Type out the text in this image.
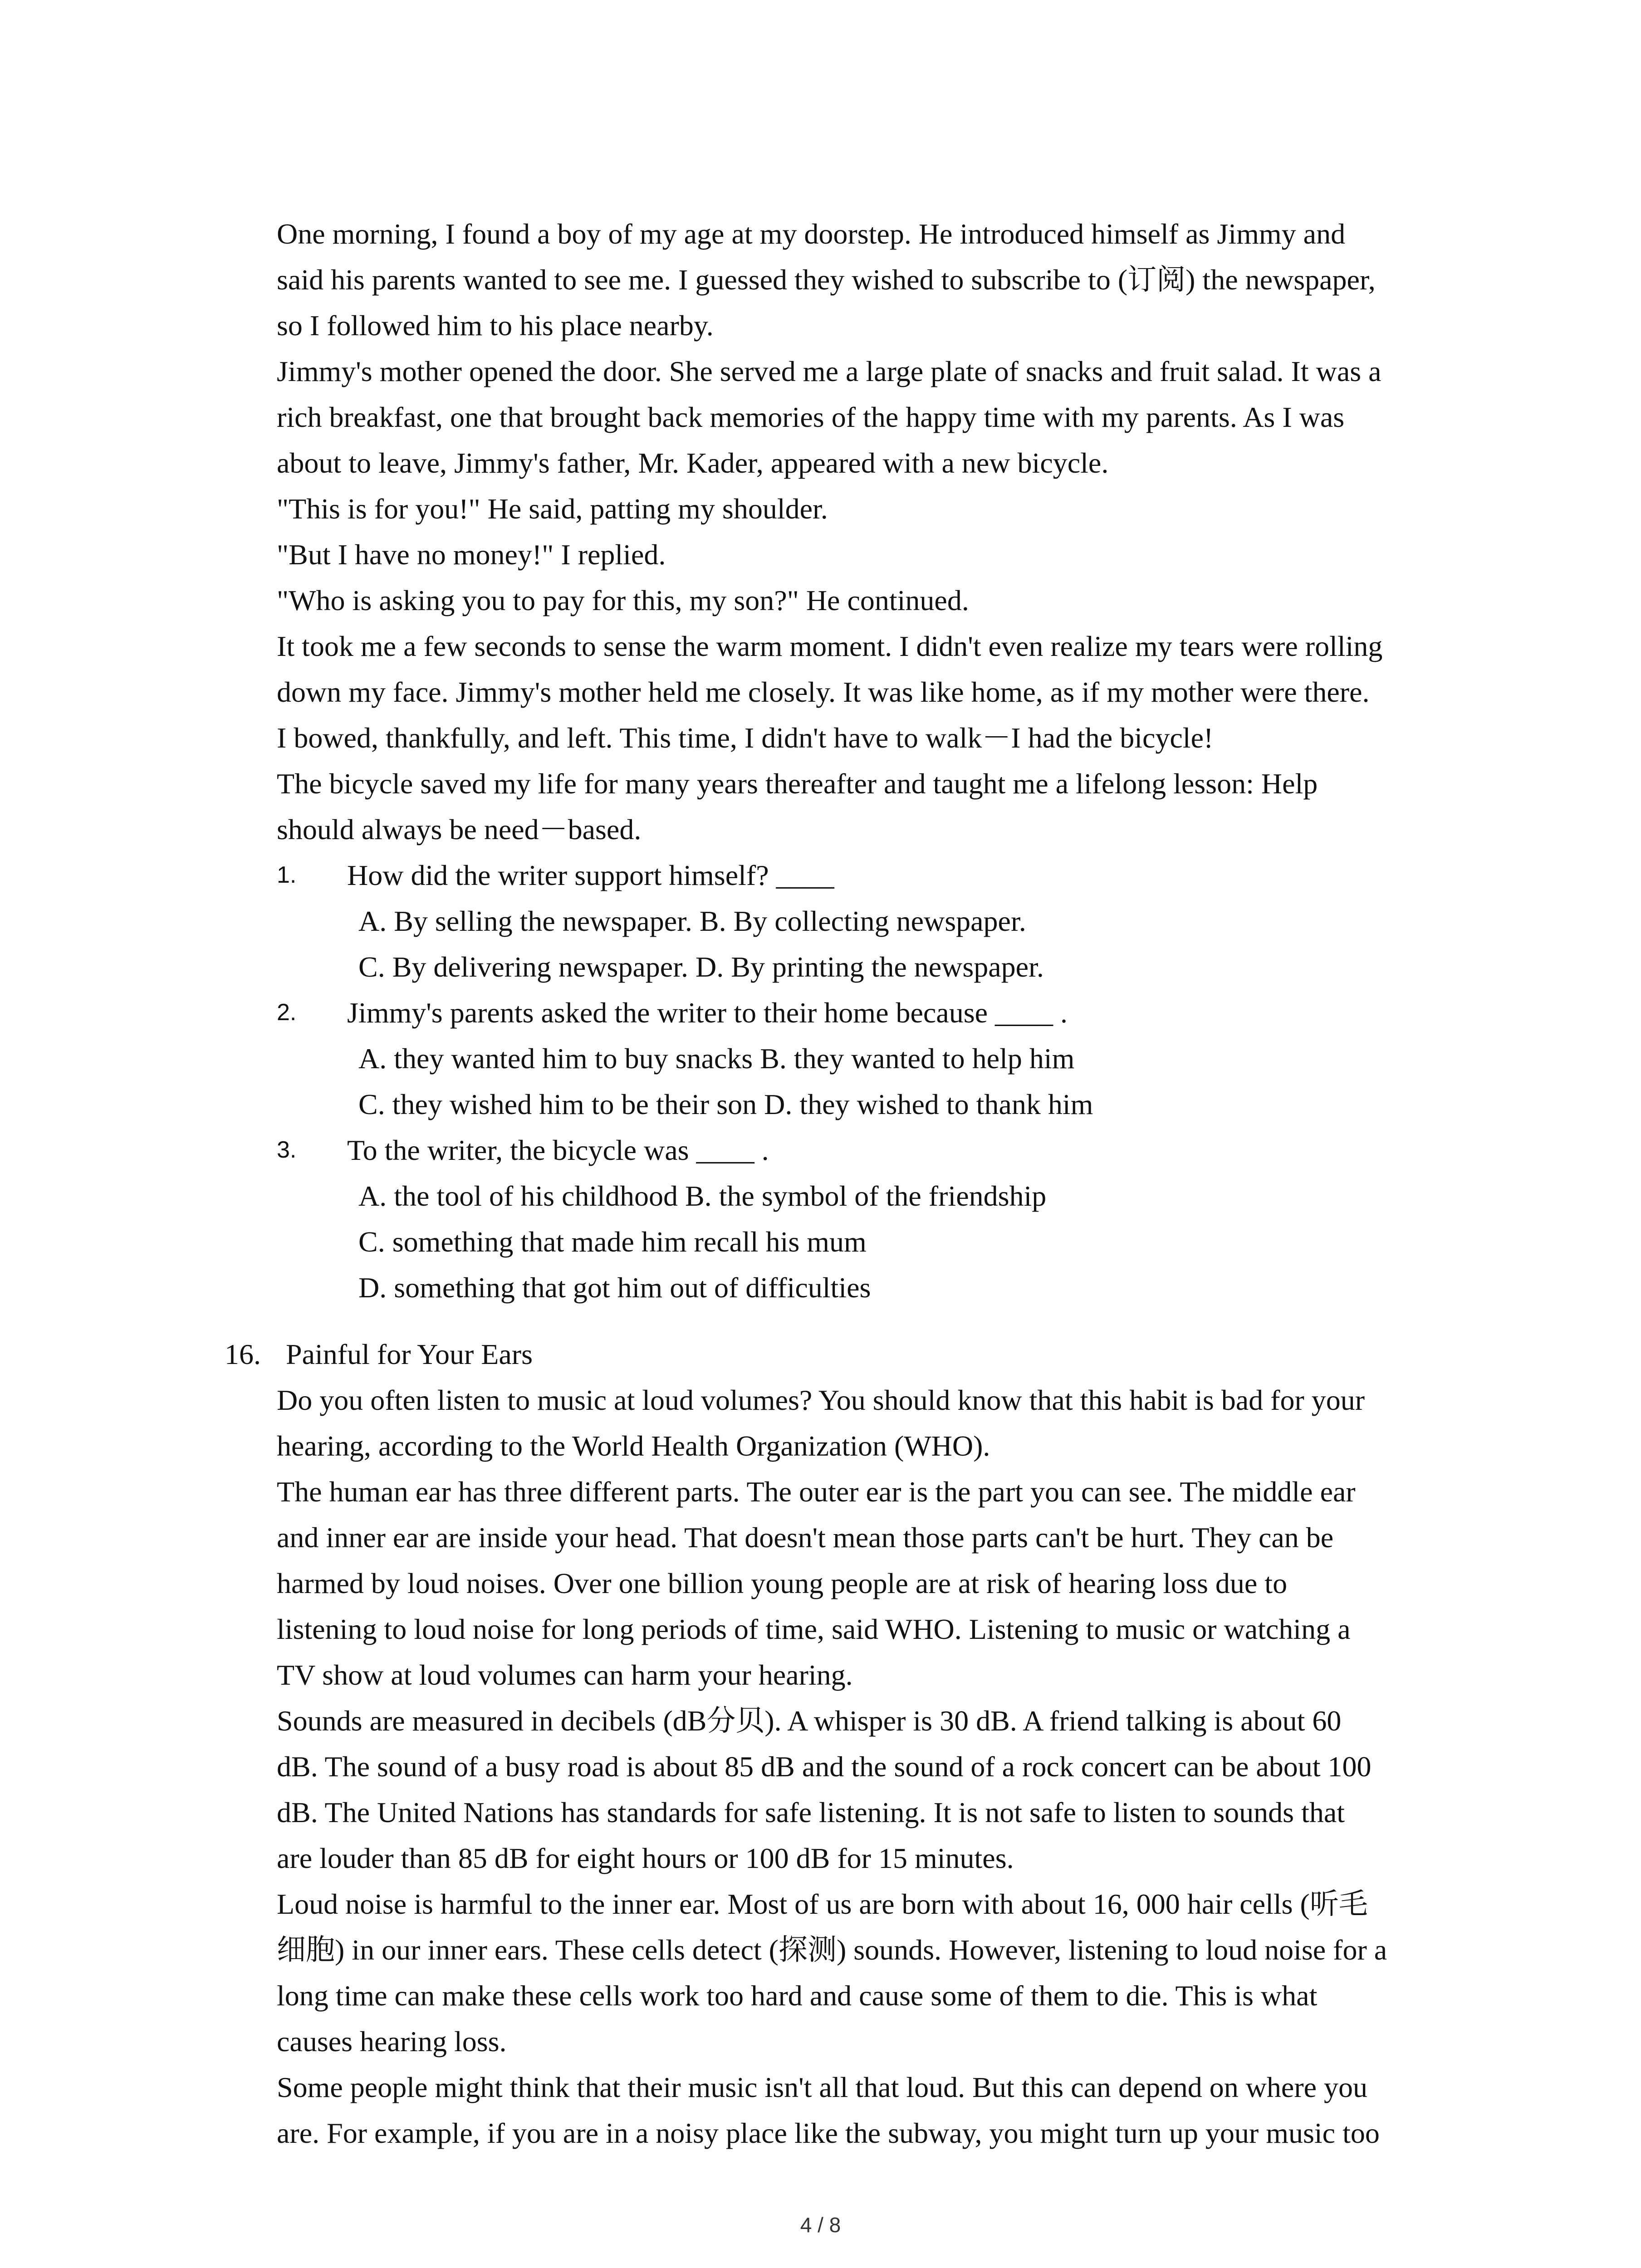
One morning, I found a boy of my age at my doorstep. He introduced himself as Jimmy and

said his parents wanted to see me. I guessed they wished to subscribe to (订阅) the newspaper,

so I followed him to his place nearby.

Jimmy's mother opened the door. She served me a large plate of snacks and fruit salad. It was a

rich breakfast, one that brought back memories of the happy time with my parents. As I was

about to leave, Jimmy's father, Mr. Kader, appeared with a new bicycle.

"This is for you!" He said, patting my shoulder.

"But I have no money!" I replied.

"Who is asking you to pay for this, my son?" He continued.

It took me a few seconds to sense the warm moment. I didn't even realize my tears were rolling

down my face. Jimmy's mother held me closely. It was like home, as if my mother were there.

I bowed, thankfully, and left. This time, I didn't have to walk－I had the bicycle!

The bicycle saved my life for many years thereafter and taught me a lifelong lesson: Help

should always be need－based.

1. How did the writer support himself? ____
A. By selling the newspaper. B. By collecting newspaper.
C. By delivering newspaper. D. By printing the newspaper.
2. Jimmy's parents asked the writer to their home because ____ .
A. they wanted him to buy snacks B. they wanted to help him
C. they wished him to be their son D. they wished to thank him
3. To the writer, the bicycle was ____ .
A. the tool of his childhood B. the symbol of the friendship
C. something that made him recall his mum
D. something that got him out of difficulties
16. Painful for Your Ears

Do you often listen to music at loud volumes? You should know that this habit is bad for your

hearing, according to the World Health Organization (WHO).

The human ear has three different parts. The outer ear is the part you can see. The middle ear

and inner ear are inside your head. That doesn't mean those parts can't be hurt. They can be

harmed by loud noises. Over one billion young people are at risk of hearing loss due to

listening to loud noise for long periods of time, said WHO. Listening to music or watching a

TV show at loud volumes can harm your hearing.

Sounds are measured in decibels (dB分贝). A whisper is 30 dB. A friend talking is about 60

dB. The sound of a busy road is about 85 dB and the sound of a rock concert can be about 100

dB. The United Nations has standards for safe listening. It is not safe to listen to sounds that

are louder than 85 dB for eight hours or 100 dB for 15 minutes.

Loud noise is harmful to the inner ear. Most of us are born with about 16, 000 hair cells (听毛

细胞) in our inner ears. These cells detect (探测) sounds. However, listening to loud noise for a

long time can make these cells work too hard and cause some of them to die. This is what

causes hearing loss.

Some people might think that their music isn't all that loud. But this can depend on where you

are. For example, if you are in a noisy place like the subway, you might turn up your music too

4 / 8
